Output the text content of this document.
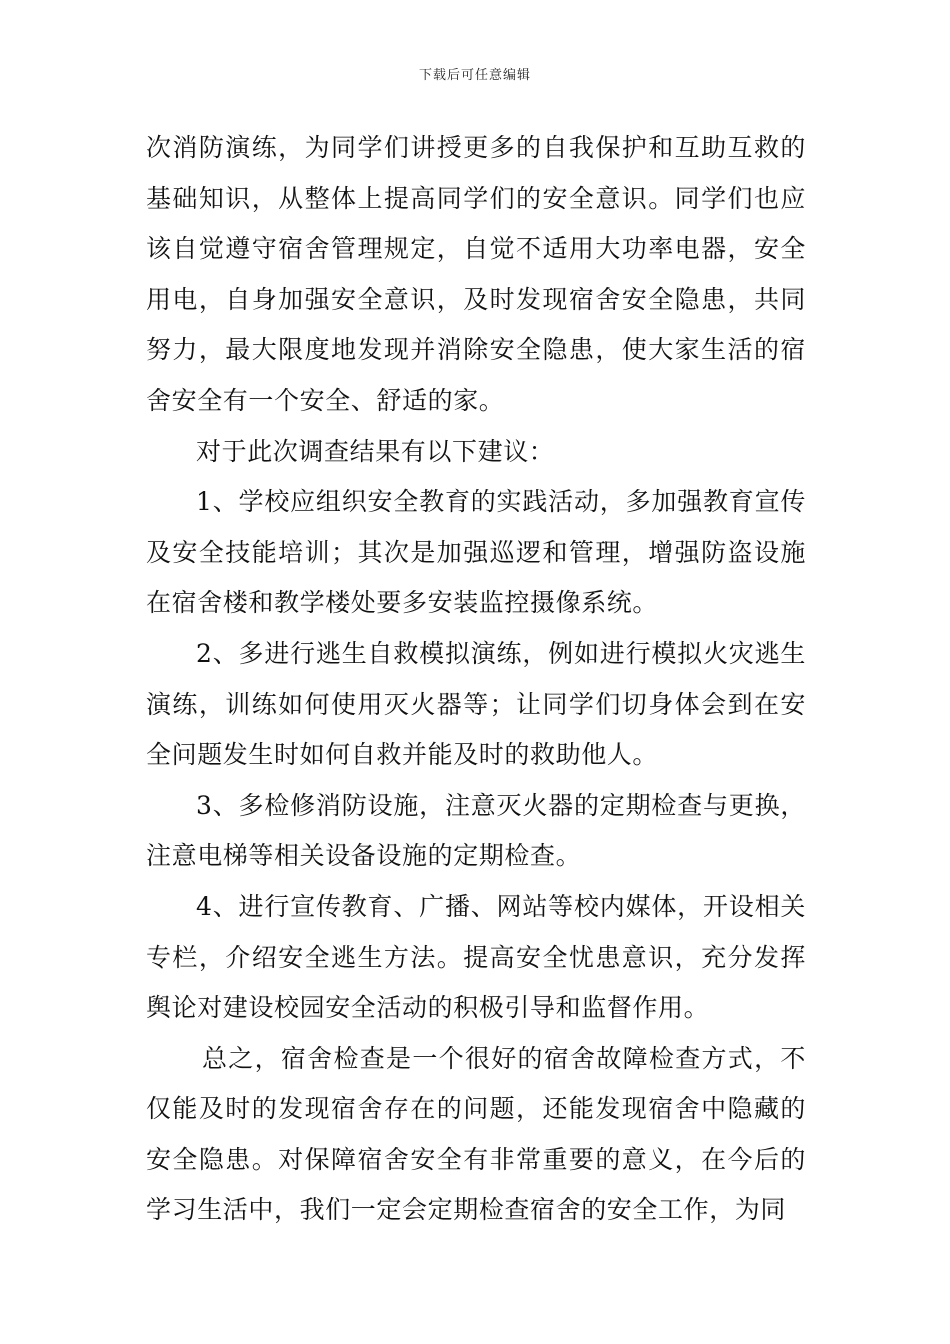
下载后可任意编辑

次消防演练，为同学们讲授更多的自我保护和互助互救的基础知识，从整体上提高同学们的安全意识。同学们也应该自觉遵守宿舍管理规定，自觉不适用大功率电器，安全用电，自身加强安全意识，及时发现宿舍安全隐患，共同努力，最大限度地发现并消除安全隐患，使大家生活的宿舍安全有一个安全、舒适的家。

对于此次调查结果有以下建议：

1、学校应组织安全教育的实践活动，多加强教育宣传及安全技能培训；其次是加强巡逻和管理，增强防盗设施在宿舍楼和教学楼处要多安装监控摄像系统。

2、多进行逃生自救模拟演练，例如进行模拟火灾逃生演练，训练如何使用灭火器等；让同学们切身体会到在安全问题发生时如何自救并能及时的救助他人。

3、多检修消防设施，注意灭火器的定期检查与更换，注意电梯等相关设备设施的定期检查。

4、进行宣传教育、广播、网站等校内媒体，开设相关专栏，介绍安全逃生方法。提高安全忧患意识，充分发挥舆论对建设校园安全活动的积极引导和监督作用。

总之，宿舍检查是一个很好的宿舍故障检查方式，不仅能及时的发现宿舍存在的问题，还能发现宿舍中隐藏的安全隐患。对保障宿舍安全有非常重要的意义，在今后的学习生活中，我们一定会定期检查宿舍的安全工作，为同
